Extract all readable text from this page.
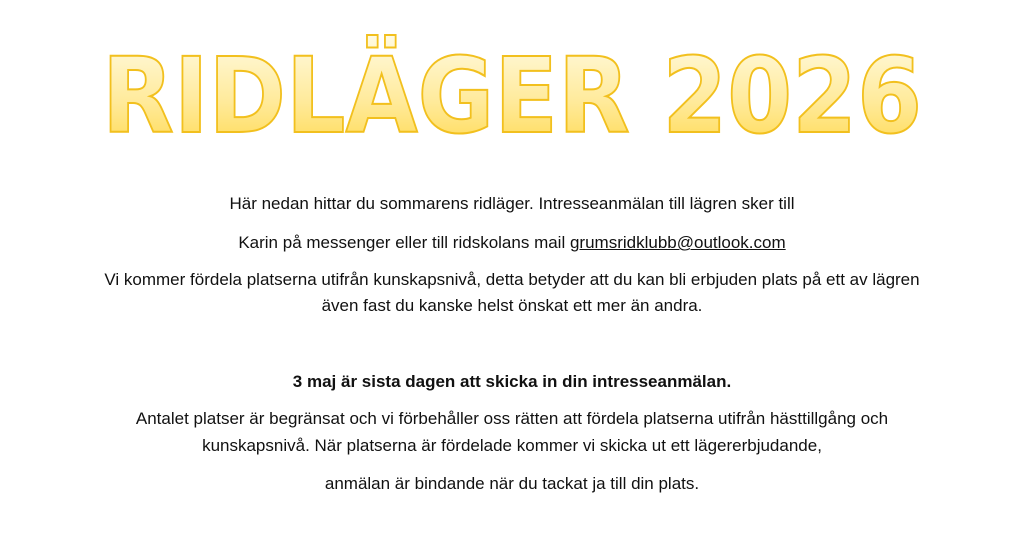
RIDLÄGER 2026
Här nedan hittar du sommarens ridläger. Intresseanmälan till lägren sker till
Karin på messenger eller till ridskolans mail grumsridklubb@outlook.com
Vi kommer fördela platserna utifrån kunskapsnivå, detta betyder att du kan bli erbjuden plats på ett av lägren
även fast du kanske helst önskat ett mer än andra.
3 maj är sista dagen att skicka in din intresseanmälan.
Antalet platser är begränsat och vi förbehåller oss rätten att fördela platserna utifrån hästtillgång och
kunskapsnivå. När platserna är fördelade kommer vi skicka ut ett lägererbjudande,
anmälan är bindande när du tackat ja till din plats.
